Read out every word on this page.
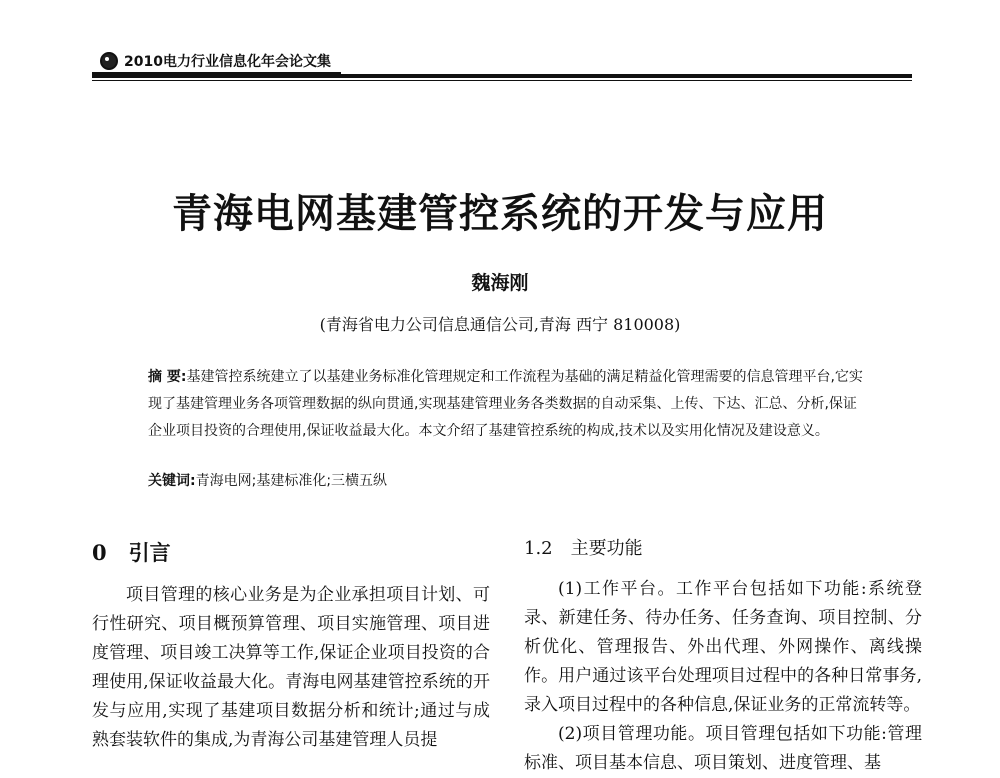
2010电力行业信息化年会论文集
青海电网基建管控系统的开发与应用
魏海刚
(青海省电力公司信息通信公司,青海 西宁 810008)
摘 要:基建管控系统建立了以基建业务标准化管理规定和工作流程为基础的满足精益化管理需要的信息管理平台,它实现了基建管理业务各项管理数据的纵向贯通,实现基建管理业务各类数据的自动采集、上传、下达、汇总、分析,保证企业项目投资的合理使用,保证收益最大化。本文介绍了基建管控系统的构成,技术以及实用化情况及建设意义。
关键词:青海电网;基建标准化;三横五纵
0 引言

项目管理的核心业务是为企业承担项目计划、可行性研究、项目概预算管理、项目实施管理、项目进度管理、项目竣工决算等工作,保证企业项目投资的合理使用,保证收益最大化。青海电网基建管控系统的开发与应用,实现了基建项目数据分析和统计;通过与成熟套装软件的集成,为青海公司基建管理人员提

1.2 主要功能

(1)工作平台。工作平台包括如下功能:系统登录、新建任务、待办任务、任务查询、项目控制、分析优化、管理报告、外出代理、外网操作、离线操作。用户通过该平台处理项目过程中的各种日常事务,录入项目过程中的各种信息,保证业务的正常流转等。

(2)项目管理功能。项目管理包括如下功能:管理标准、项目基本信息、项目策划、进度管理、基
